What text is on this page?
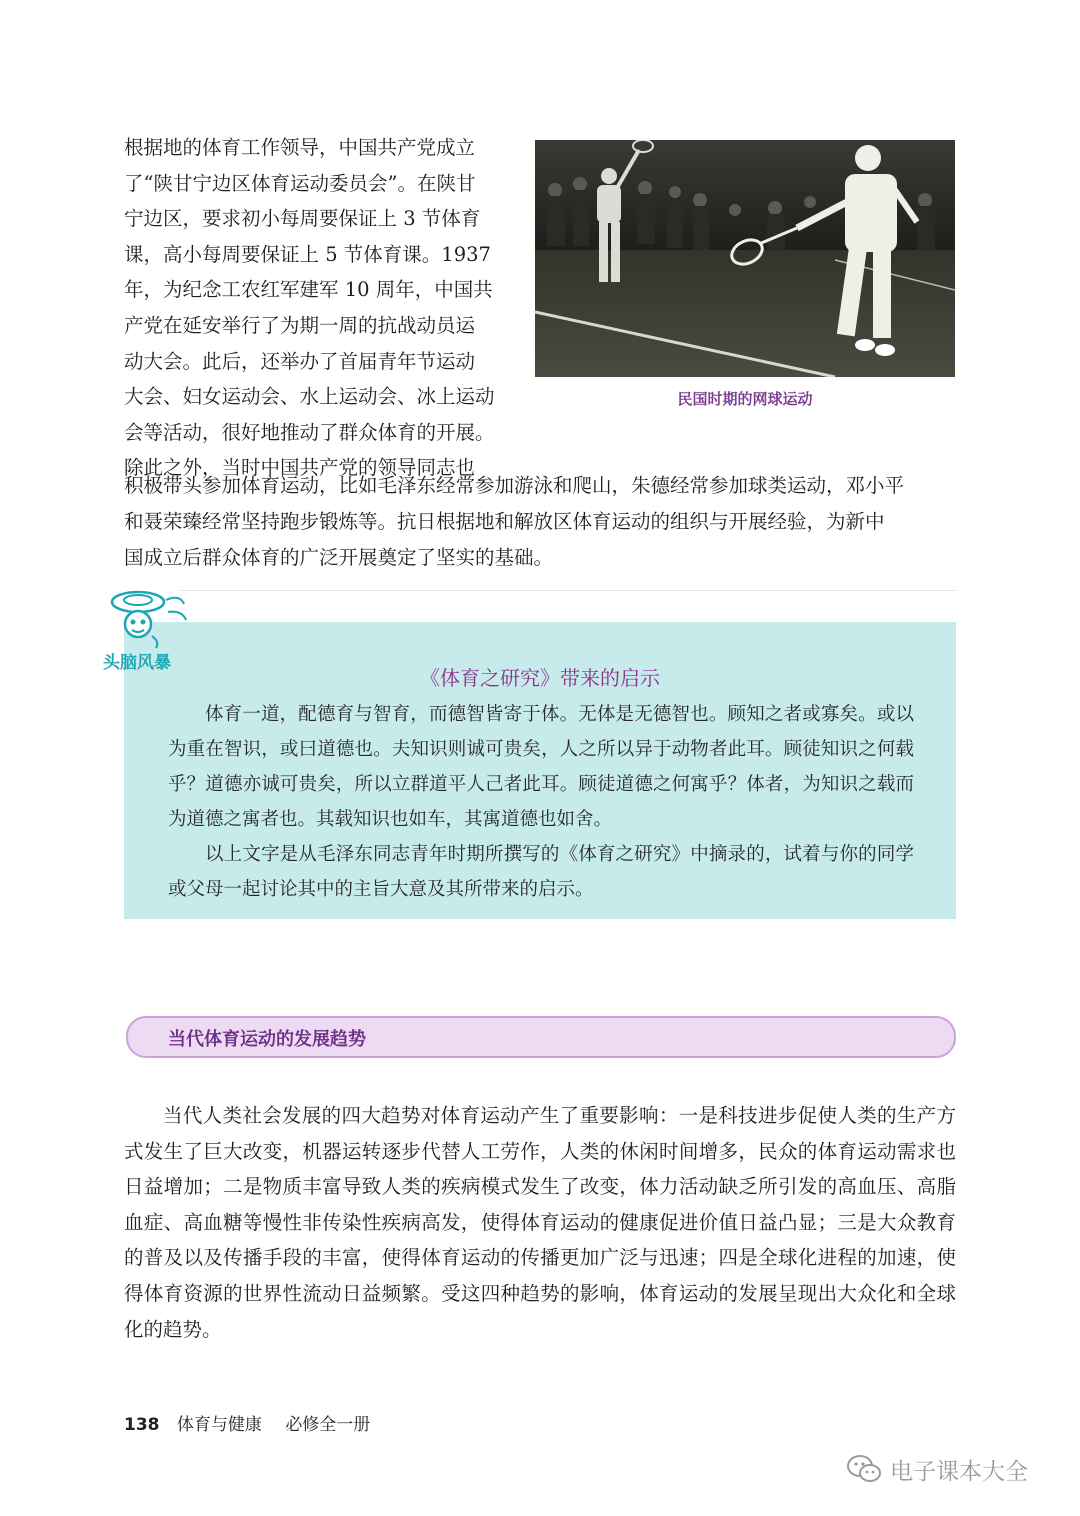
根据地的体育工作领导，中国共产党成立

了“陕甘宁边区体育运动委员会”。在陕甘

宁边区，要求初小每周要保证上 3 节体育

课，高小每周要保证上 5 节体育课。1937

年，为纪念工农红军建军 10 周年，中国共

产党在延安举行了为期一周的抗战动员运

动大会。此后，还举办了首届青年节运动

大会、妇女运动会、水上运动会、冰上运动

会等活动，很好地推动了群众体育的开展。

除此之外，当时中国共产党的领导同志也

民国时期的网球运动

积极带头参加体育运动，比如毛泽东经常参加游泳和爬山，朱德经常参加球类运动，邓小平

和聂荣臻经常坚持跑步锻炼等。抗日根据地和解放区体育运动的组织与开展经验，为新中

国成立后群众体育的广泛开展奠定了坚实的基础。

头脑风暴
《体育之研究》带来的启示

体育一道，配德育与智育，而德智皆寄于体。无体是无德智也。顾知之者或寡矣。或以为重在智识，或曰道德也。夫知识则诚可贵矣，人之所以异于动物者此耳。顾徒知识之何载乎？道德亦诚可贵矣，所以立群道平人己者此耳。顾徒道德之何寓乎？体者，为知识之载而为道德之寓者也。其载知识也如车，其寓道德也如舍。

以上文字是从毛泽东同志青年时期所撰写的《体育之研究》中摘录的，试着与你的同学或父母一起讨论其中的主旨大意及其所带来的启示。

当代体育运动的发展趋势

当代人类社会发展的四大趋势对体育运动产生了重要影响：一是科技进步促使人类的生产方式发生了巨大改变，机器运转逐步代替人工劳作，人类的休闲时间增多，民众的体育运动需求也日益增加；二是物质丰富导致人类的疾病模式发生了改变，体力活动缺乏所引发的高血压、高脂血症、高血糖等慢性非传染性疾病高发，使得体育运动的健康促进价值日益凸显；三是大众教育的普及以及传播手段的丰富，使得体育运动的传播更加广泛与迅速；四是全球化进程的加速，使得体育资源的世界性流动日益频繁。受这四种趋势的影响，体育运动的发展呈现出大众化和全球化的趋势。

138 体育与健康 必修全一册
电子课本大全
